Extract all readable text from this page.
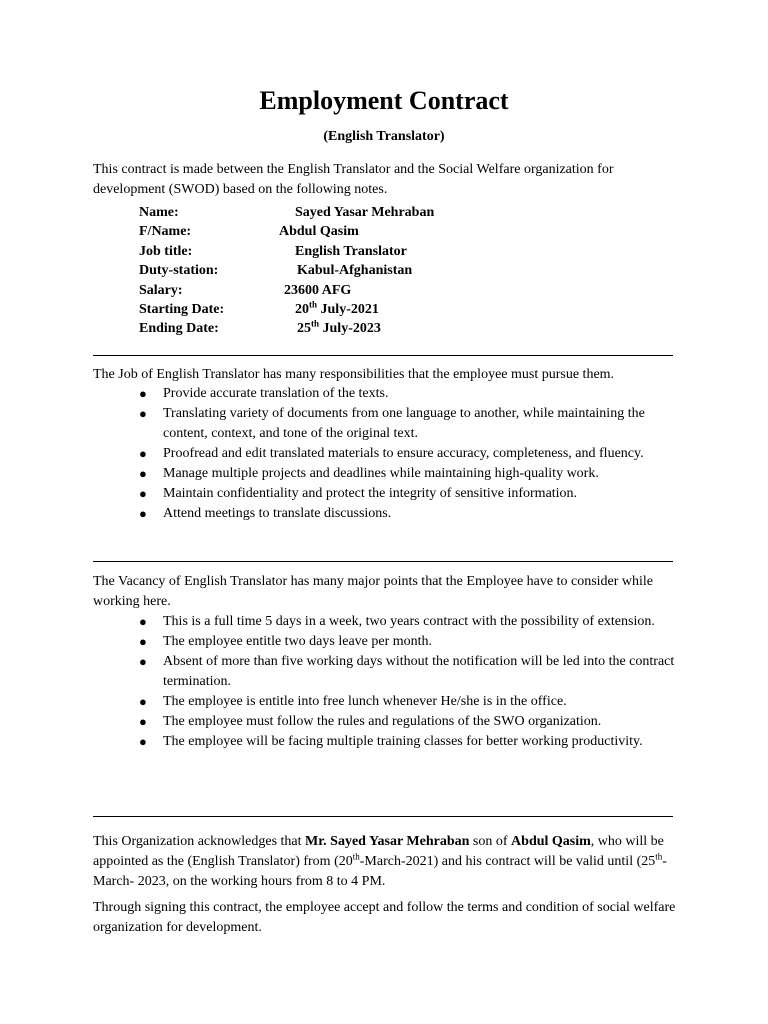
Employment Contract
(English Translator)
This contract is made between the English Translator and the Social Welfare organization for development (SWOD) based on the following notes.
Name:	Sayed Yasar Mehraban
F/Name:	Abdul Qasim
Job title:	English Translator
Duty-station:	Kabul-Afghanistan
Salary:	23600 AFG
Starting Date:	20th July-2021
Ending Date:	25th July-2023
The Job of English Translator has many responsibilities that the employee must pursue them.
● Provide accurate translation of the texts.
● Translating variety of documents from one language to another, while maintaining the content, context, and tone of the original text.
● Proofread and edit translated materials to ensure accuracy, completeness, and fluency.
● Manage multiple projects and deadlines while maintaining high-quality work.
● Maintain confidentiality and protect the integrity of sensitive information.
● Attend meetings to translate discussions.
The Vacancy of English Translator has many major points that the Employee have to consider while working here.
● This is a full time 5 days in a week, two years contract with the possibility of extension.
● The employee entitle two days leave per month.
● Absent of more than five working days without the notification will be led into the contract termination.
● The employee is entitle into free lunch whenever He/she is in the office.
● The employee must follow the rules and regulations of the SWO organization.
● The employee will be facing multiple training classes for better working productivity.
This Organization acknowledges that Mr. Sayed Yasar Mehraban son of Abdul Qasim, who will be appointed as the (English Translator) from (20th-March-2021) and his contract will be valid until (25th- March- 2023, on the working hours from 8 to 4 PM.
Through signing this contract, the employee accept and follow the terms and condition of social welfare organization for development.
